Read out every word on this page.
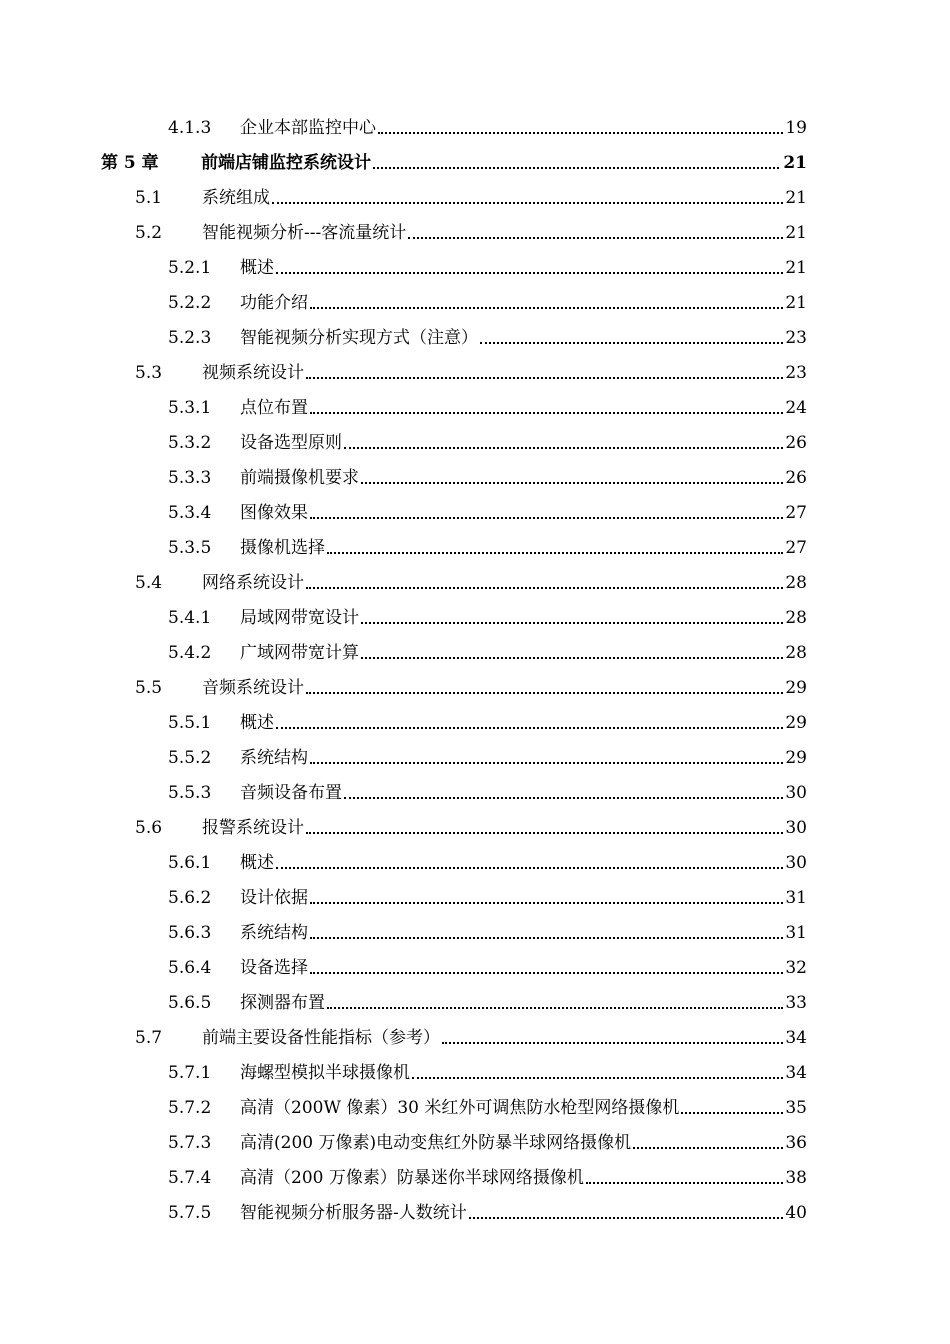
4.1.3 企业本部监控中心	19
第 5 章 前端店铺监控系统设计	21
5.1 系统组成	21
5.2 智能视频分析---客流量统计	21
5.2.1 概述	21
5.2.2 功能介绍	21
5.2.3 智能视频分析实现方式（注意）	23
5.3 视频系统设计	23
5.3.1 点位布置	24
5.3.2 设备选型原则	26
5.3.3 前端摄像机要求	26
5.3.4 图像效果	27
5.3.5 摄像机选择	27
5.4 网络系统设计	28
5.4.1 局域网带宽设计	28
5.4.2 广域网带宽计算	28
5.5 音频系统设计	29
5.5.1 概述	29
5.5.2 系统结构	29
5.5.3 音频设备布置	30
5.6 报警系统设计	30
5.6.1 概述	30
5.6.2 设计依据	31
5.6.3 系统结构	31
5.6.4 设备选择	32
5.6.5 探测器布置	33
5.7 前端主要设备性能指标（参考）	34
5.7.1 海螺型模拟半球摄像机	34
5.7.2 高清（200W 像素）30 米红外可调焦防水枪型网络摄像机	35
5.7.3 高清(200 万像素)电动变焦红外防暴半球网络摄像机	36
5.7.4 高清（200 万像素）防暴迷你半球网络摄像机	38
5.7.5 智能视频分析服务器-人数统计	40
